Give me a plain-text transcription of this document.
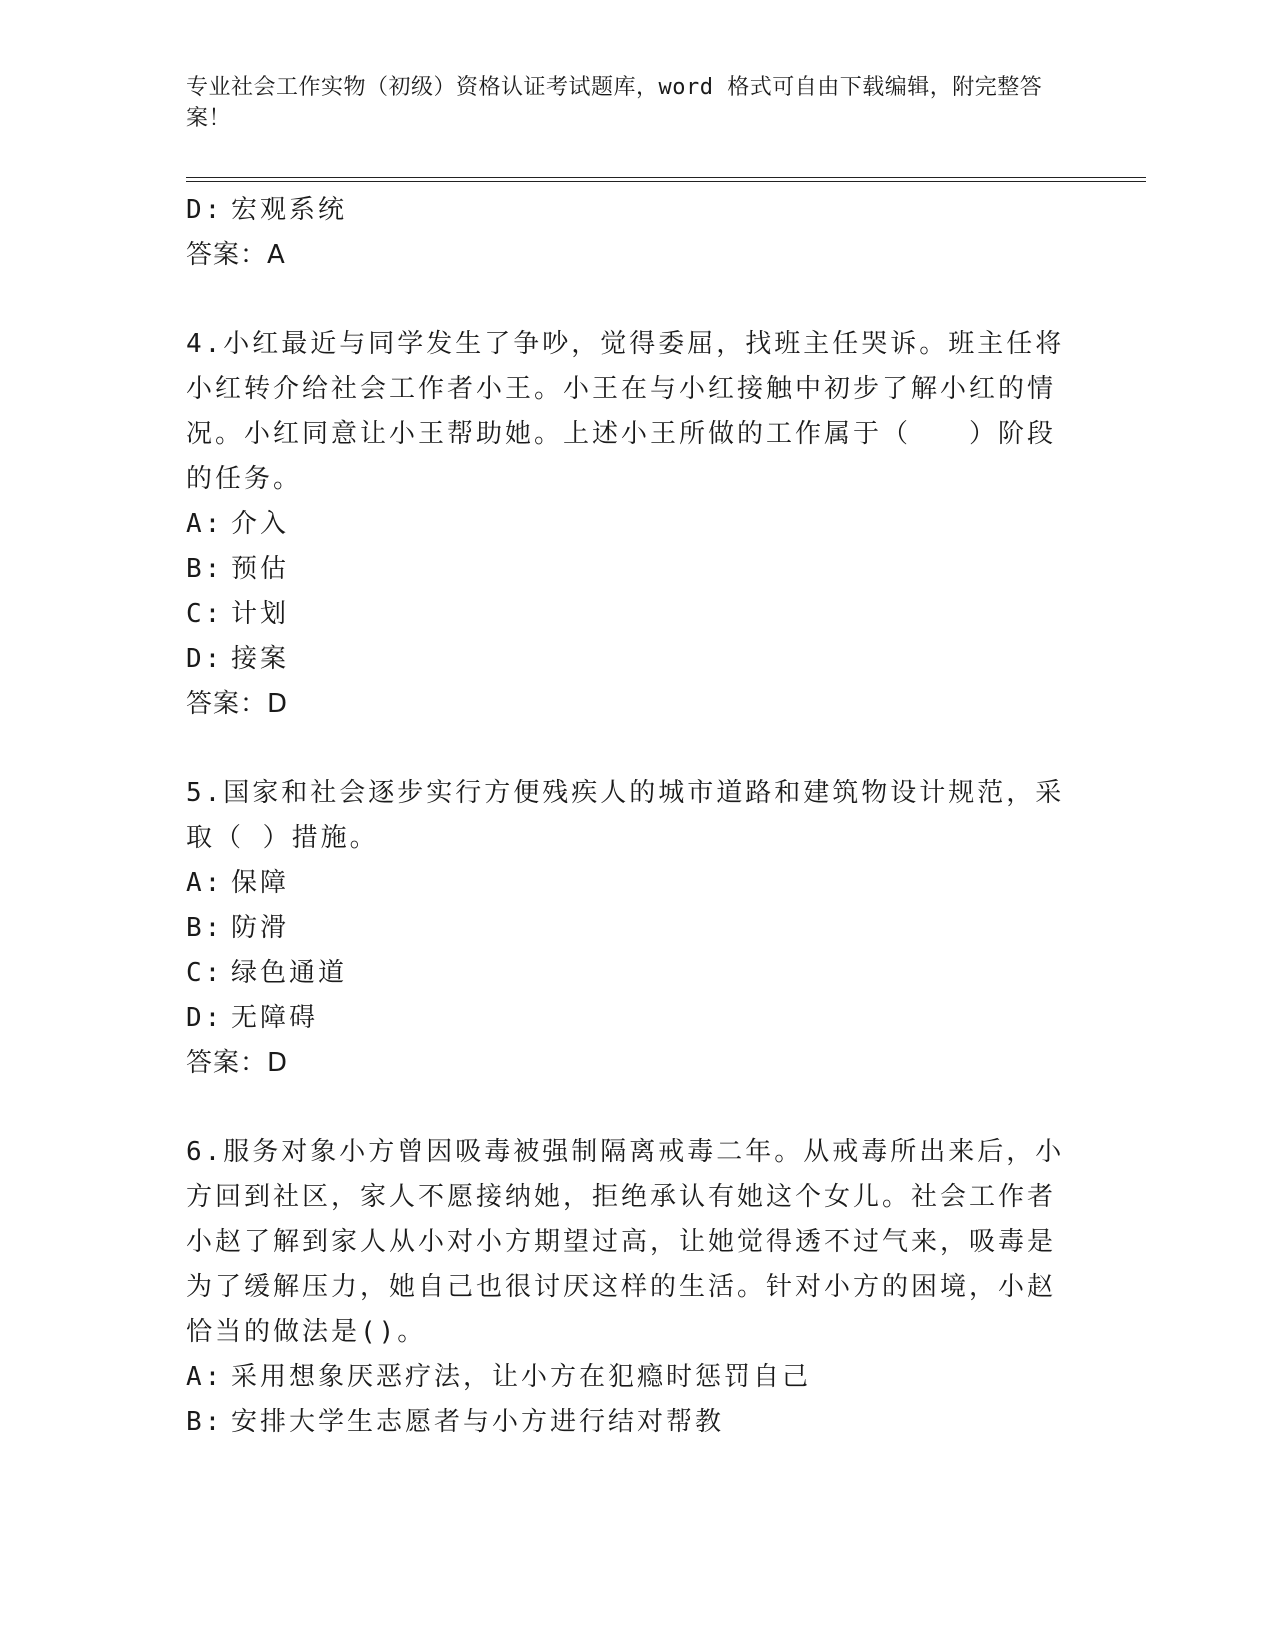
专业社会工作实物（初级）资格认证考试题库，word 格式可自由下载编辑，附完整答案！
D: 宏观系统
答案：A
4.小红最近与同学发生了争吵，觉得委屈，找班主任哭诉。班主任将小红转介给社会工作者小王。小王在与小红接触中初步了解小红的情况。小红同意让小王帮助她。上述小王所做的工作属于（　　）阶段的任务。
A: 介入
B: 预估
C: 计划
D: 接案
答案：D
5.国家和社会逐步实行方便残疾人的城市道路和建筑物设计规范，采取（ ）措施。
A: 保障
B: 防滑
C: 绿色通道
D: 无障碍
答案：D
6.服务对象小方曾因吸毒被强制隔离戒毒二年。从戒毒所出来后，小方回到社区，家人不愿接纳她，拒绝承认有她这个女儿。社会工作者小赵了解到家人从小对小方期望过高，让她觉得透不过气来，吸毒是为了缓解压力，她自己也很讨厌这样的生活。针对小方的困境，小赵恰当的做法是()。
A: 采用想象厌恶疗法，让小方在犯瘾时惩罚自己
B: 安排大学生志愿者与小方进行结对帮教
